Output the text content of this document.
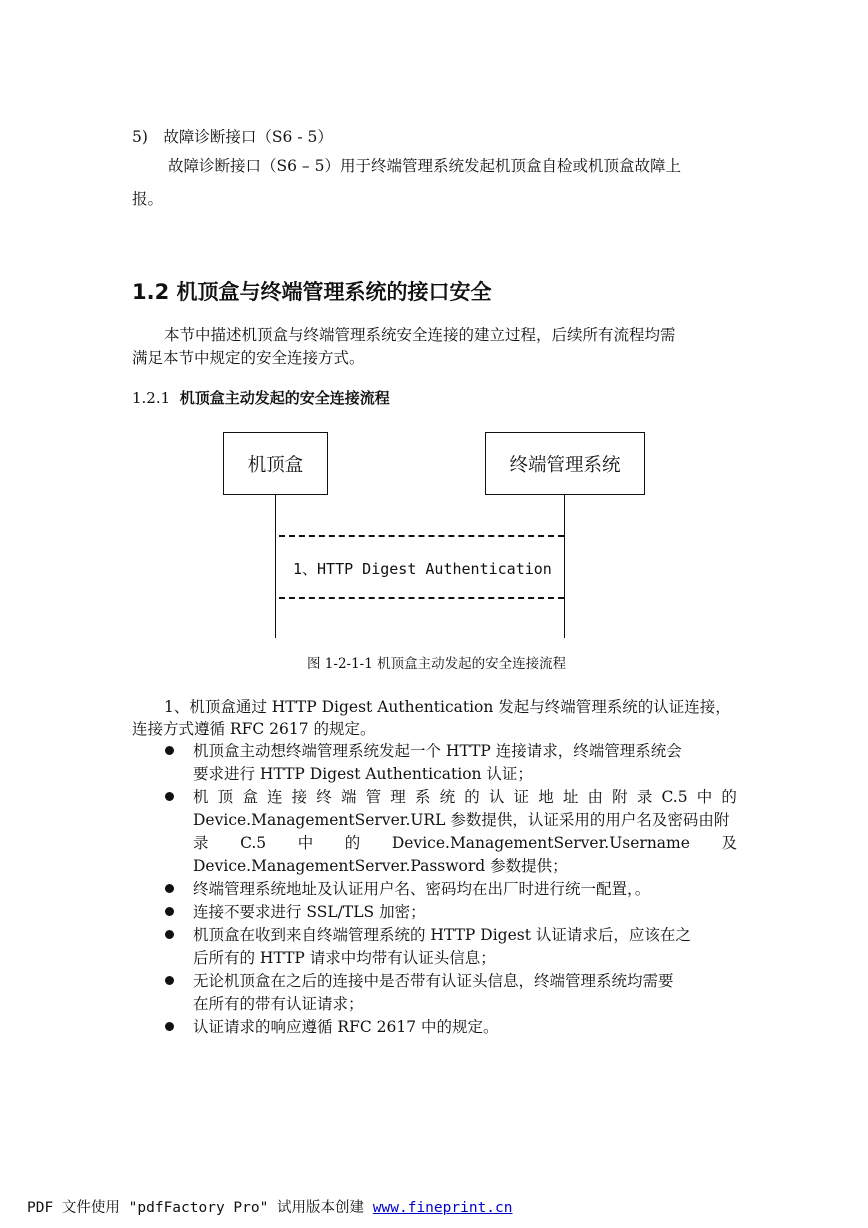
5)　故障诊断接口（S6 - 5）
故障诊断接口（S6 – 5）用于终端管理系统发起机顶盒自检或机顶盒故障上
报。
1.2 机顶盒与终端管理系统的接口安全
本节中描述机顶盒与终端管理系统安全连接的建立过程，后续所有流程均需
满足本节中规定的安全连接方式。
1.2.1 机顶盒主动发起的安全连接流程
机顶盒	终端管理系统
1、HTTP Digest Authentication
图 1-2-1-1 机顶盒主动发起的安全连接流程
1、机顶盒通过 HTTP Digest Authentication 发起与终端管理系统的认证连接，
连接方式遵循 RFC 2617 的规定。
机顶盒主动想终端管理系统发起一个 HTTP 连接请求，终端管理系统会
要求进行 HTTP Digest Authentication 认证；
机 顶 盒 连 接 终 端 管 理 系 统 的 认 证 地 址 由 附 录 C.5 中 的
Device.ManagementServer.URL 参数提供，认证采用的用户名及密码由附
录 C.5 中 的 Device.ManagementServer.Username 及
Device.ManagementServer.Password 参数提供；
终端管理系统地址及认证用户名、密码均在出厂时进行统一配置，。
连接不要求进行 SSL/TLS 加密；
机顶盒在收到来自终端管理系统的 HTTP Digest 认证请求后，应该在之
后所有的 HTTP 请求中均带有认证头信息；
无论机顶盒在之后的连接中是否带有认证头信息，终端管理系统均需要
在所有的带有认证请求；
认证请求的响应遵循 RFC 2617 中的规定。
PDF 文件使用 "pdfFactory Pro" 试用版本创建 www.fineprint.cn
